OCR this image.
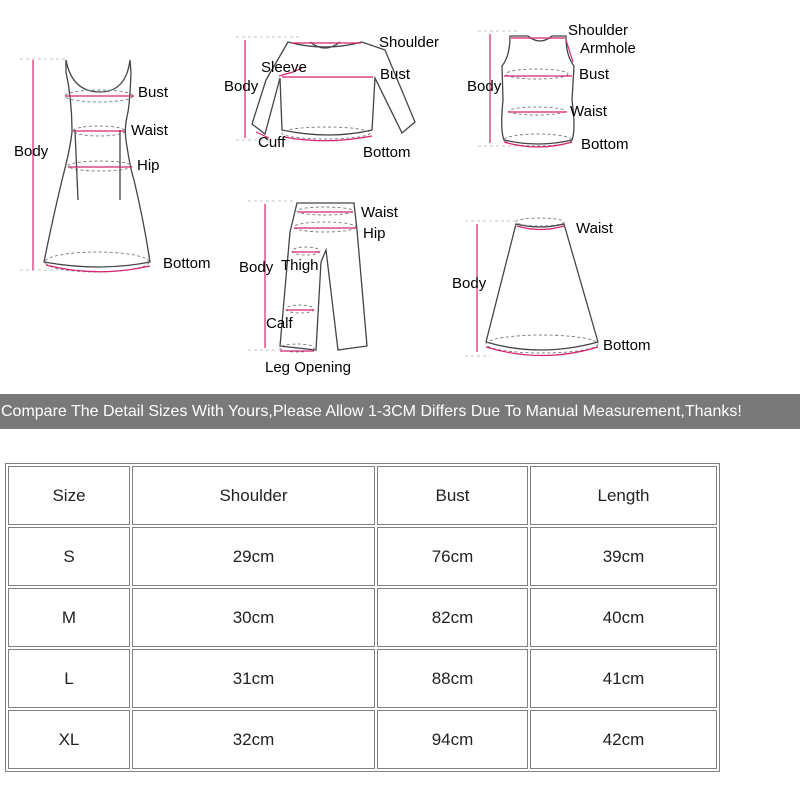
Body
Bust
Waist
Hip
Bottom
Body
Sleeve
Shoulder
Bust
Cuff
Bottom
Body
Shoulder
Armhole
Bust
Waist
Bottom
Body
Waist
Hip
Thigh
Calf
Leg Opening
Body
Waist
Bottom
Compare The Detail Sizes With Yours,Please Allow 1-3CM Differs Due To Manual Measurement,Thanks!
Size	Shoulder	Bust	Length
S	29cm	76cm	39cm
M	30cm	82cm	40cm
L	31cm	88cm	41cm
XL	32cm	94cm	42cm
